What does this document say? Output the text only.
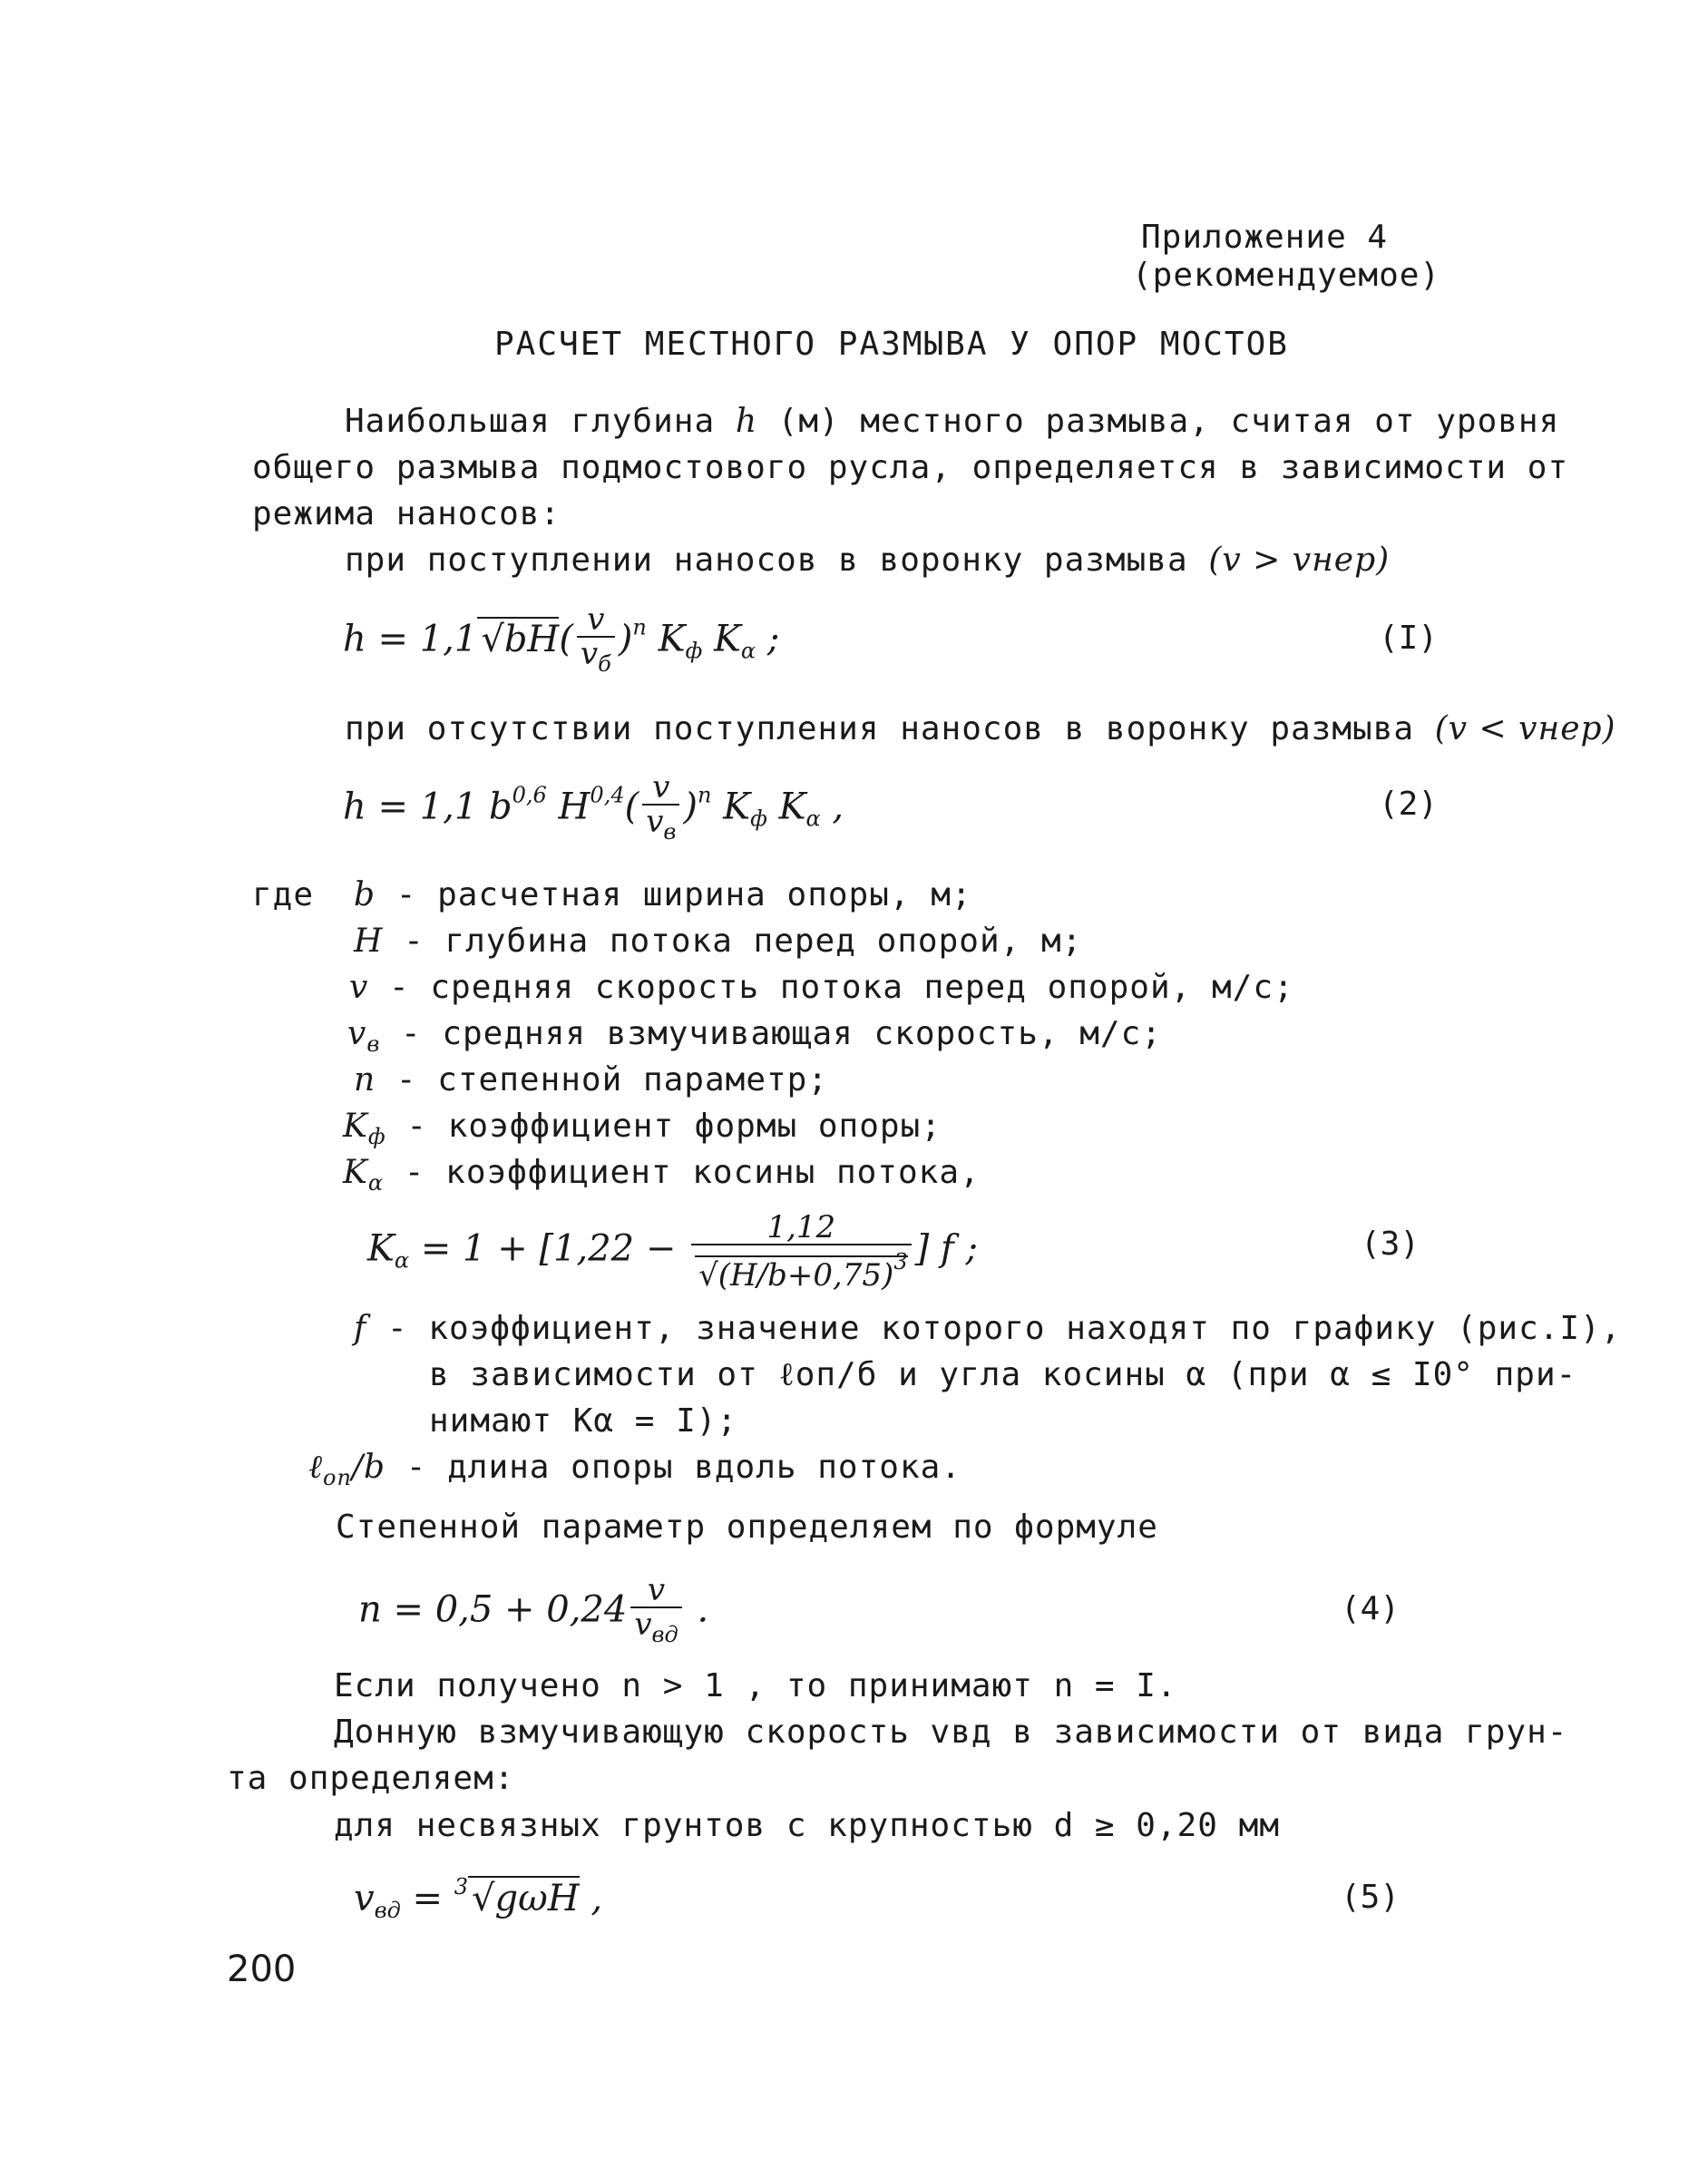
Приложение 4
(рекомендуемое)
РАСЧЕТ МЕСТНОГО РАЗМЫВА У ОПОР МОСТОВ
Наибольшая глубина h (м) местного размыва, считая от уровня
общего размыва подмостового русла, определяется в зависимости от
режима наносов:
при поступлении наносов в воронку размыва (v > vнер)
h = 1,1 $√bH( \frac{v}{v_б} )^n$ $K_ф$ $K_\alpha$ ;	(I)
при отсутствии поступления наносов в воронку размыва (v < vнер)
h = 1,1 $b^{0,6}$ $H^{0,4}( \frac{v}{v_в} )^n$ $K_ф$ $K_\alpha$ ,	(2)
где b - расчетная ширина опоры, м;
H - глубина потока перед опорой, м;
v - средняя скорость потока перед опорой, м/с;
$v_в$ - средняя взмучивающая скорость, м/с;
n - степенной параметр;
$K_ф$ - коэффициент формы опоры;
$K_\alpha$ - коэффициент косины потока,
$K_\alpha = 1 + [1,22 - \frac{1,12}{√(H/b+0,75)^3}$ ] f ;	(3)
f - коэффициент, значение которого находят по графику (рис.I),
в зависимости от ℓоп/б и угла косины α (при α ≤ I0° при-
нимают Kα = I);
ℓ$_{оп}$/b - длина опоры вдоль потока.
Степенной параметр определяем по формуле
$n = 0,5 + 0,24 \frac{v}{v_{вд}}$ .	(4)
Если получено n > 1 , то принимают n = I.
Донную взмучивающую скорость vвд в зависимости от вида грун-
та определяем:
для несвязных грунтов с крупностью d ≥ 0,20 мм
$v_{вд} = ^3$ √gωH ,	(5)
200
